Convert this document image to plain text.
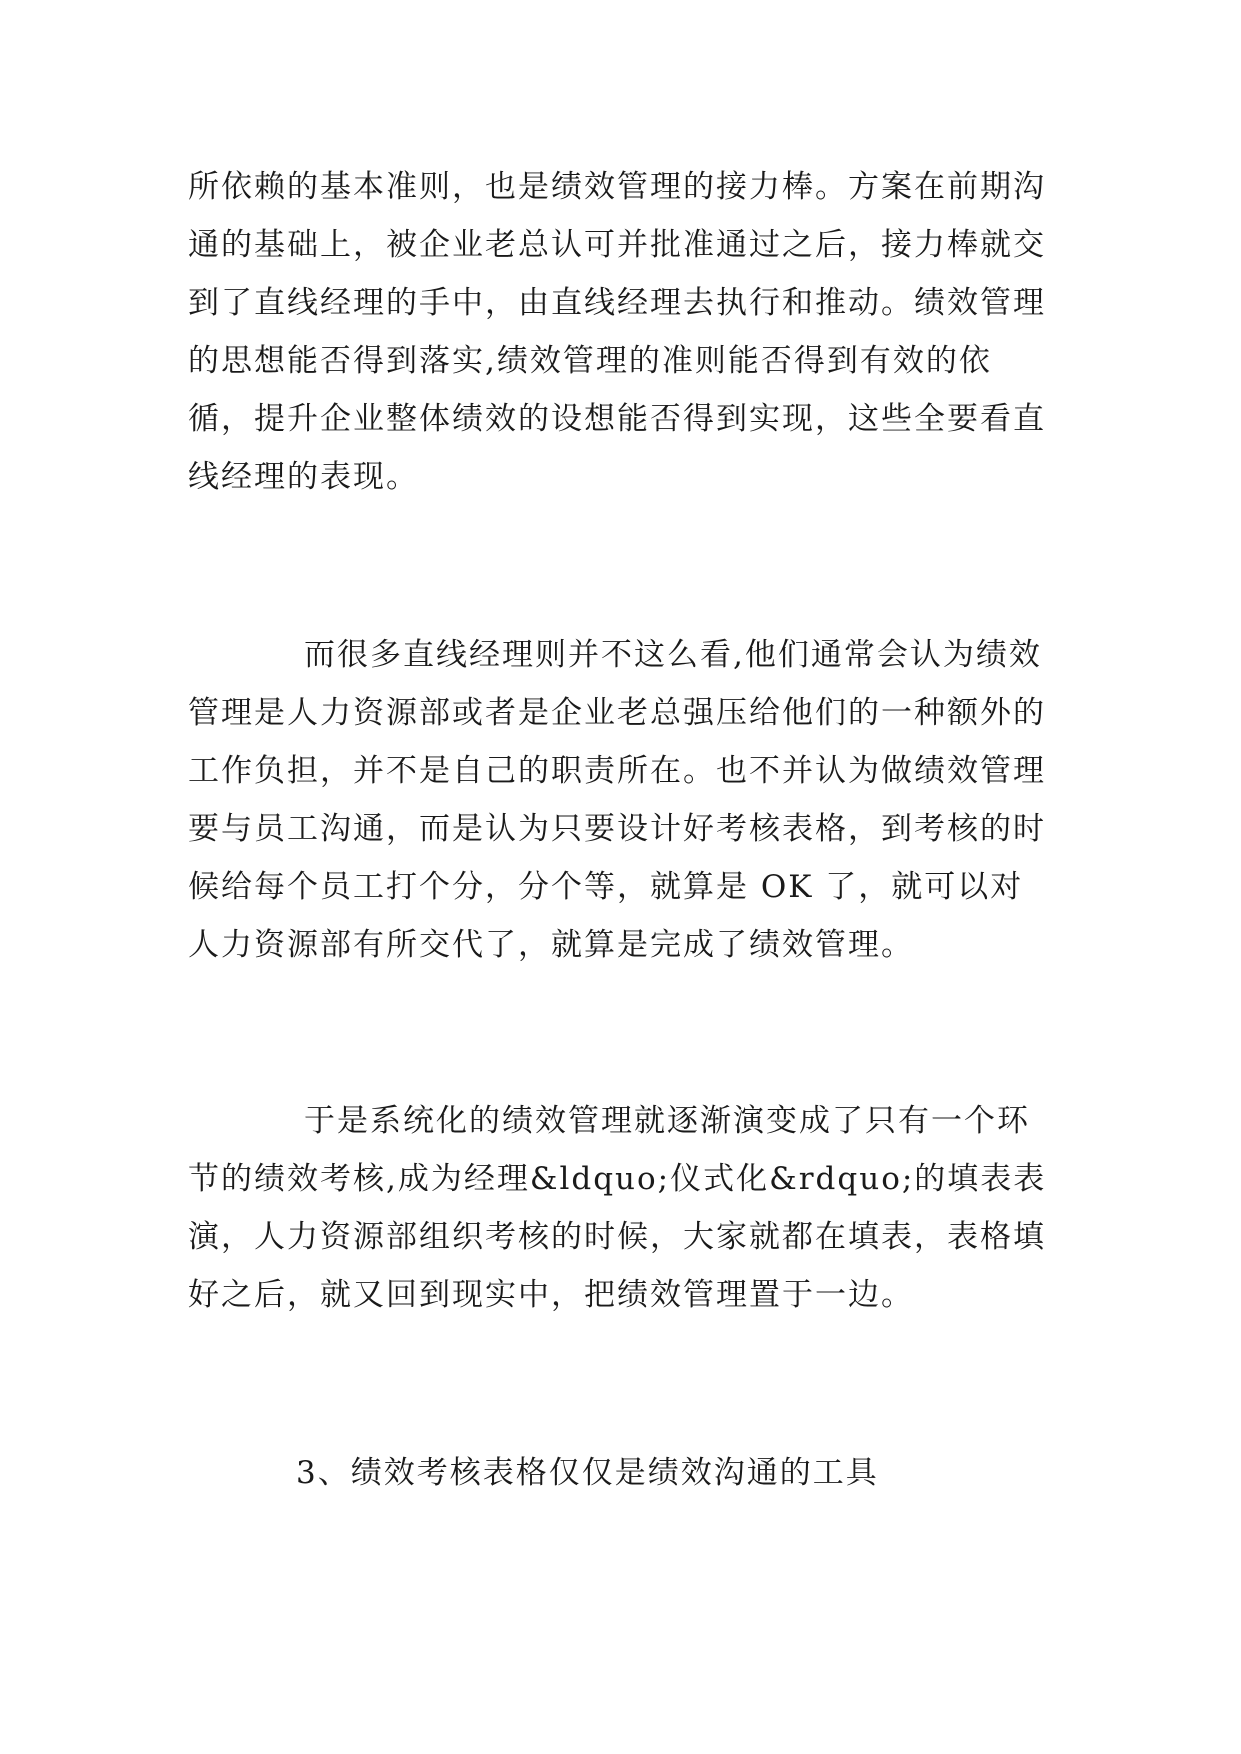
所依赖的基本准则，也是绩效管理的接力棒。方案在前期沟通的基础上，被企业老总认可并批准通过之后，接力棒就交到了直线经理的手中，由直线经理去执行和推动。绩效管理的思想能否得到落实,绩效管理的准则能否得到有效的依循，提升企业整体绩效的设想能否得到实现，这些全要看直线经理的表现。

而很多直线经理则并不这么看,他们通常会认为绩效管理是人力资源部或者是企业老总强压给他们的一种额外的工作负担，并不是自己的职责所在。也不并认为做绩效管理要与员工沟通，而是认为只要设计好考核表格，到考核的时候给每个员工打个分，分个等，就算是 OK 了，就可以对人力资源部有所交代了，就算是完成了绩效管理。

于是系统化的绩效管理就逐渐演变成了只有一个环节的绩效考核,成为经理&ldquo;仪式化&rdquo;的填表表演，人力资源部组织考核的时候，大家就都在填表，表格填好之后，就又回到现实中，把绩效管理置于一边。

3、绩效考核表格仅仅是绩效沟通的工具
